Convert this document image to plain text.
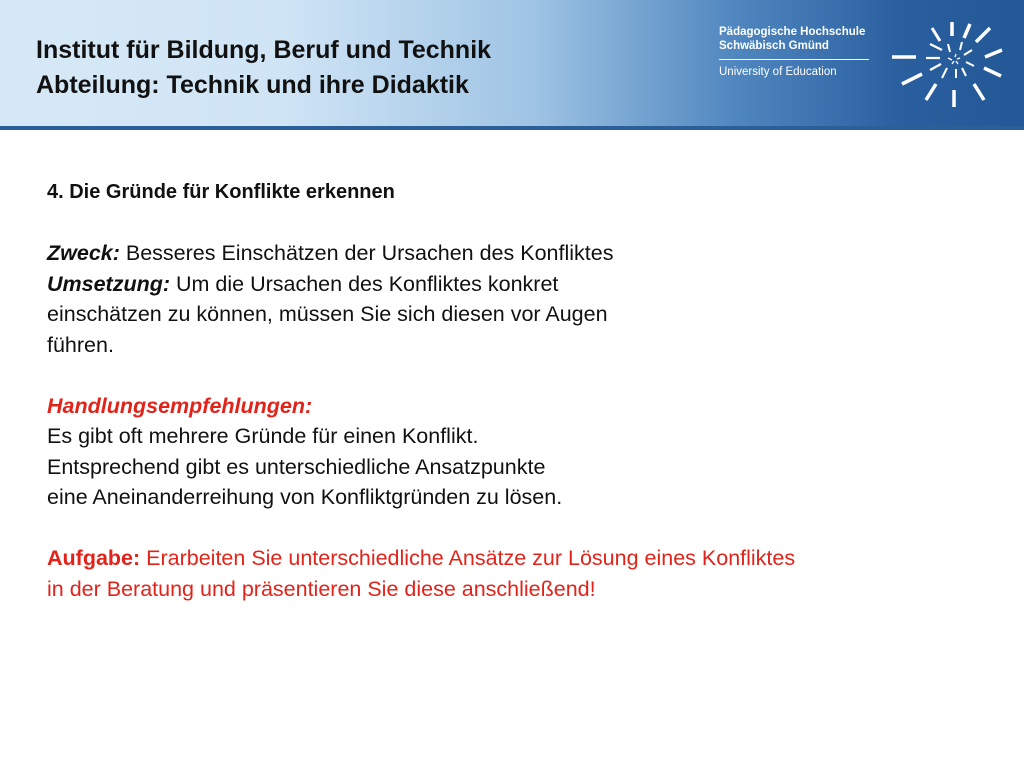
Institut für Bildung, Beruf und Technik
Abteilung: Technik und ihre Didaktik
Pädagogische Hochschule
Schwäbisch Gmünd
University of Education

4. Die Gründe für Konflikte erkennen

Zweck: Besseres Einschätzen der Ursachen des Konfliktes

Umsetzung: Um die Ursachen des Konfliktes konkret

einschätzen zu können, müssen Sie sich diesen vor Augen

führen.

Handlungsempfehlungen:

Es gibt oft mehrere Gründe für einen Konflikt.

Entsprechend gibt es unterschiedliche Ansatzpunkte

eine Aneinanderreihung von Konfliktgründen zu lösen.

Aufgabe: Erarbeiten Sie unterschiedliche Ansätze zur Lösung eines Konfliktes

in der Beratung und präsentieren Sie diese anschließend!
